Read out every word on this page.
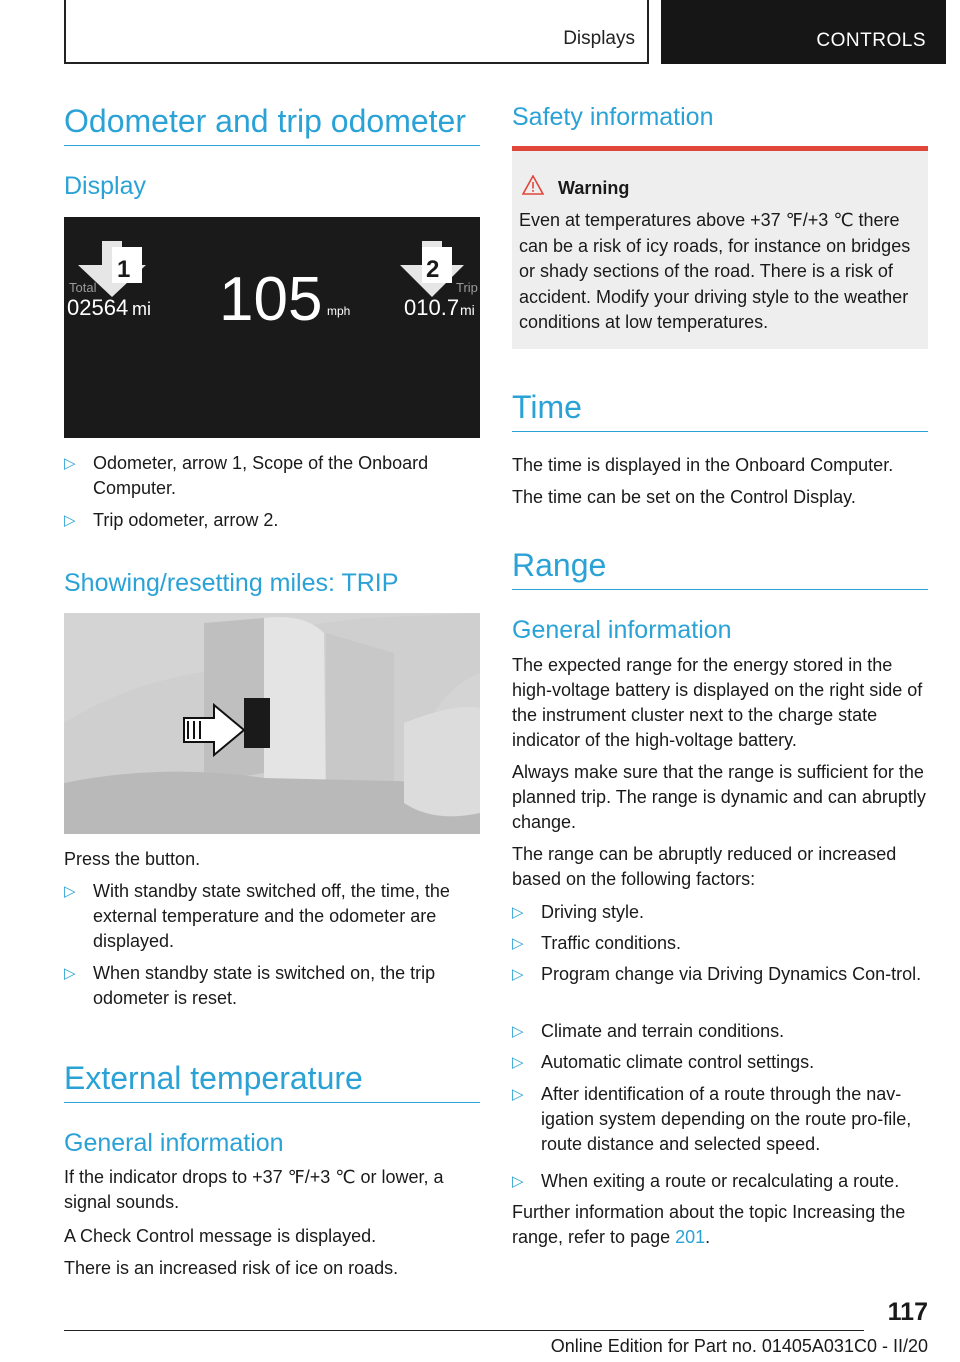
Displays	CONTROLS
Odometer and trip odometer
Display
1	2
Total
02564 mi 105 mph
Trip
010.7 mi
▷ Odometer, arrow 1, Scope of the Onboard Computer.
▷ Trip odometer, arrow 2.
Showing/resetting miles: TRIP

Press the button.

▷ With standby state switched off, the time, the external temperature and the odometer are displayed.
▷ When standby state is switched on, the trip odometer is reset.
External temperature
General information

If the indicator drops to +37 ℉/+3 ℃ or lower, a signal sounds.

A Check Control message is displayed.

There is an increased risk of ice on roads.

Safety information
Warning
Even at temperatures above +37 ℉/+3 ℃ there can be a risk of icy roads, for instance on bridges or shady sections of the road. There is a risk of accident. Modify your driving style to the weather conditions at low temperatures.
Time

The time is displayed in the Onboard Computer.

The time can be set on the Control Display.

Range
General information

The expected range for the energy stored in the high-voltage battery is displayed on the right side of the instrument cluster next to the charge state indicator of the high-voltage battery.

Always make sure that the range is sufficient for the planned trip. The range is dynamic and can abruptly change.

The range can be abruptly reduced or increased based on the following factors:

▷ Driving style.
▷ Traffic conditions.
▷ Program change via Driving Dynamics Con-trol.
▷ Climate and terrain conditions.
▷ Automatic climate control settings.
▷ After identification of a route through the nav-igation system depending on the route pro-file, route distance and selected speed.
▷ When exiting a route or recalculating a route.

Further information about the topic Increasing the range, refer to page 201.

117
Online Edition for Part no. 01405A031C0 - II/20
